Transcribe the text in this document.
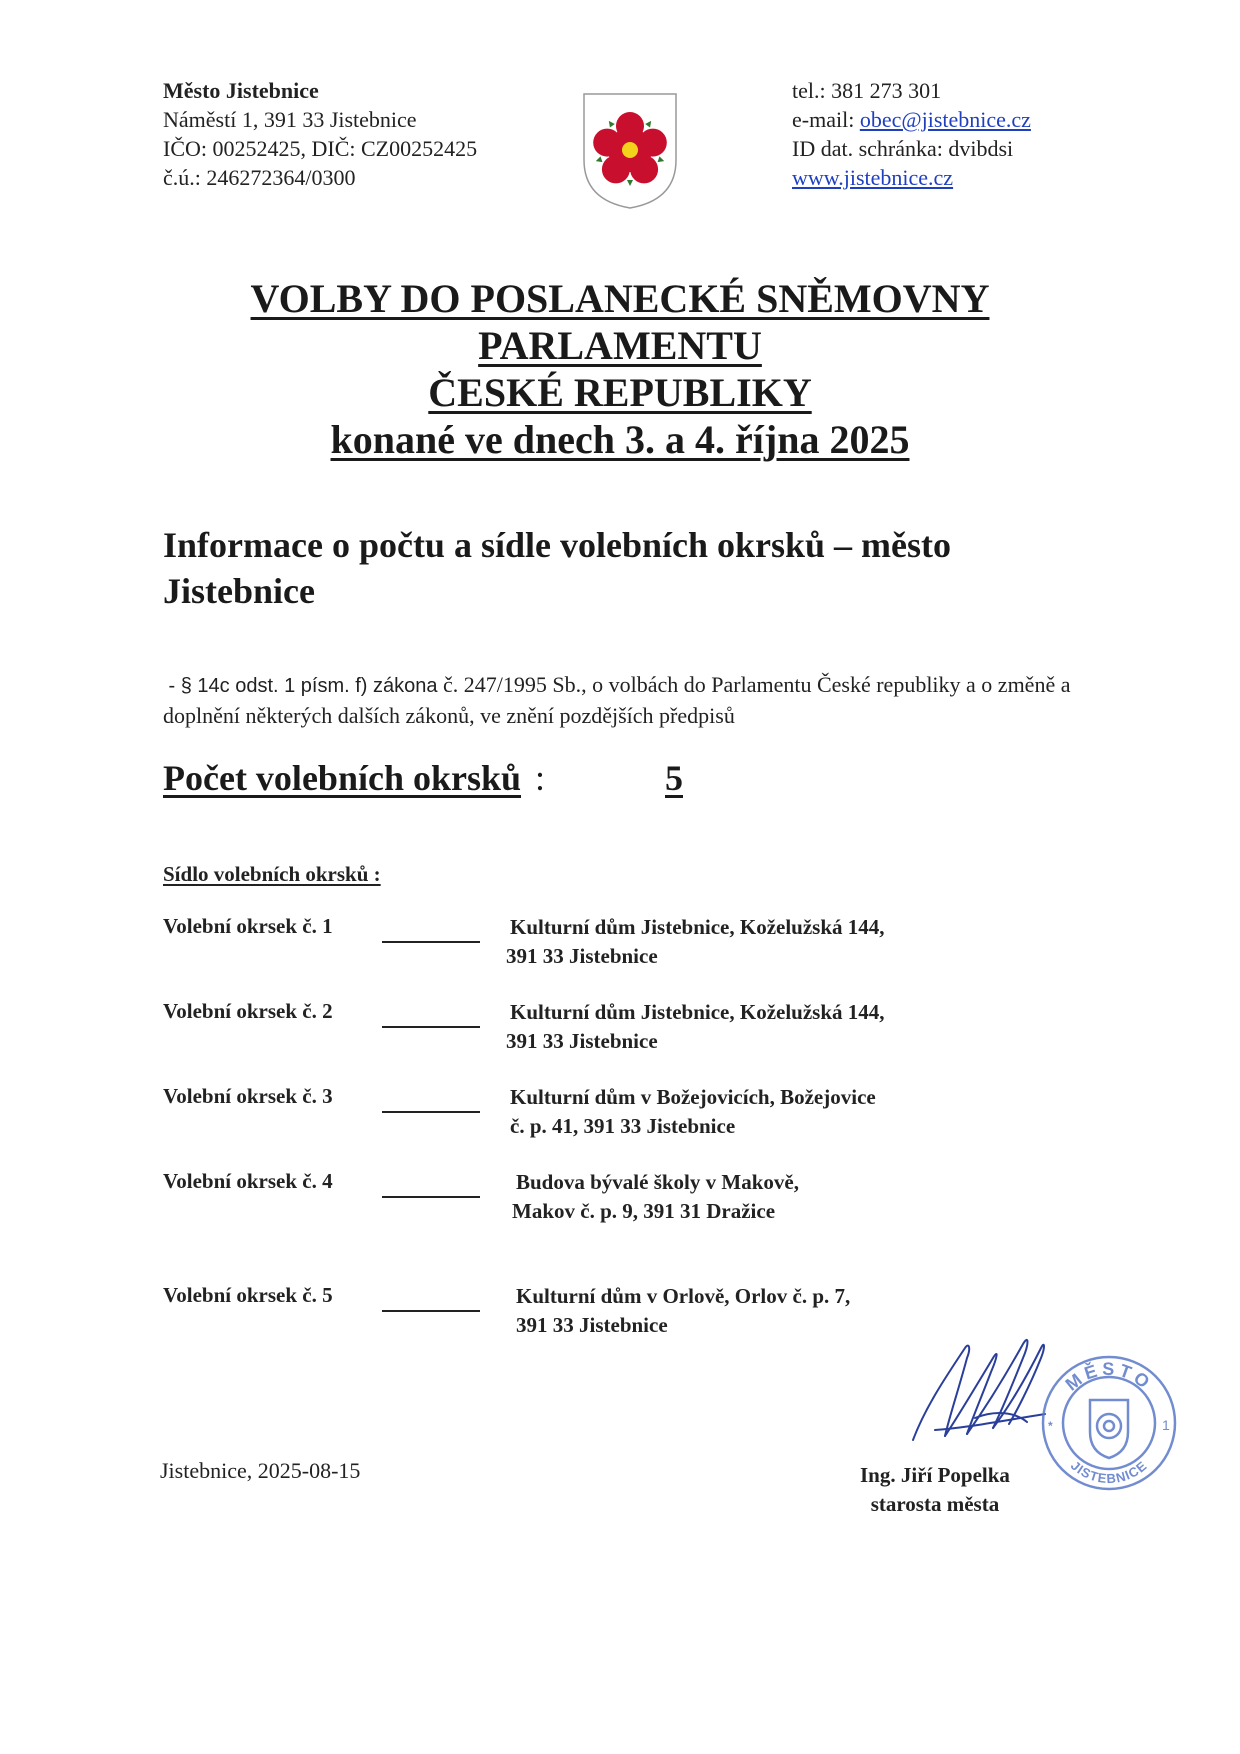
Město Jistebnice
Náměstí 1, 391 33 Jistebnice
IČO: 00252425, DIČ: CZ00252425
č.ú.: 246272364/0300
tel.: 381 273 301
e-mail: obec@jistebnice.cz
ID dat. schránka: dvibdsi
www.jistebnice.cz
VOLBY DO POSLANECKÉ SNĚMOVNY
PARLAMENTU
ČESKÉ REPUBLIKY
konané ve dnech 3. a 4. října 2025
Informace o počtu a sídle volebních okrsků – město Jistebnice
- § 14c odst. 1 písm. f) zákona č. 247/1995 Sb., o volbách do Parlamentu České republiky a o změně a doplnění některých dalších zákonů, ve znění pozdějších předpisů
Počet volebních okrsků :	5
Sídlo volebních okrsků :
Volební okrsek č. 1	Kulturní dům Jistebnice, Koželužská 144,
391 33 Jistebnice
Volební okrsek č. 2	Kulturní dům Jistebnice, Koželužská 144,
391 33 Jistebnice
Volební okrsek č. 3	Kulturní dům v Božejovicích, Božejovice
č. p. 41, 391 33 Jistebnice
Volební okrsek č. 4	Budova bývalé školy v Makově,
Makov č. p. 9, 391 31 Dražice
Volební okrsek č. 5	Kulturní dům v Orlově, Orlov č. p. 7,
391 33 Jistebnice
Jistebnice, 2025-08-15
MĚSTO
JISTEBNICE
1
*
Ing. Jiří Popelka
starosta města
